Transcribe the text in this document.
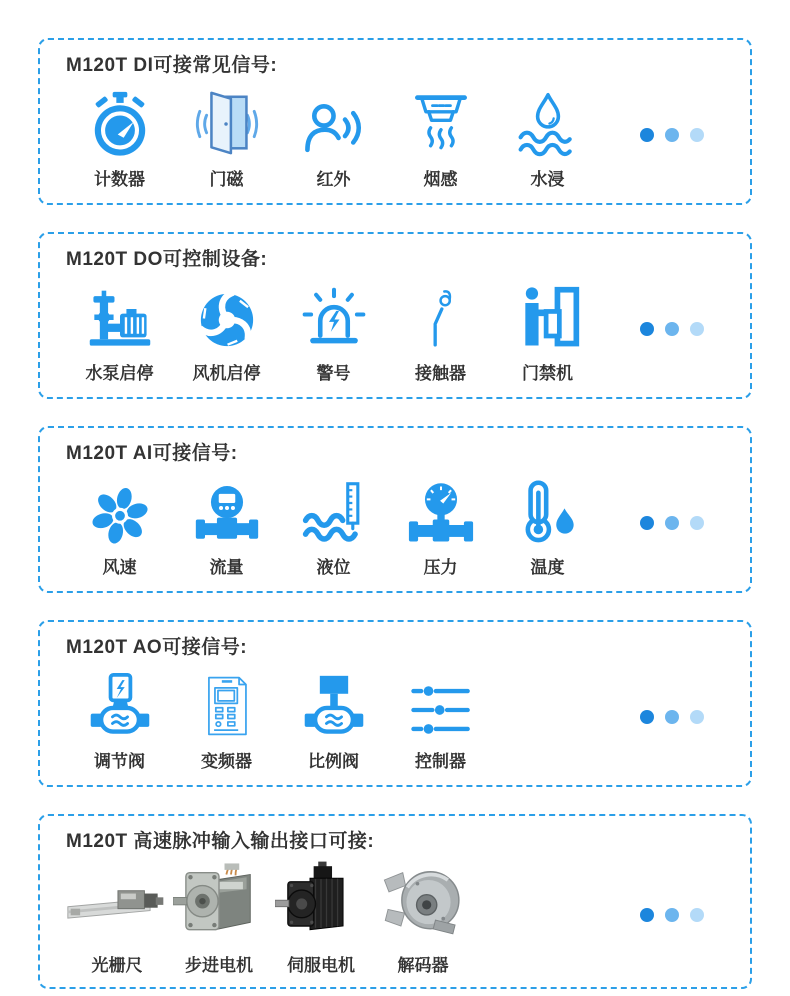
M120T DI可接常见信号:
计数器	门磁	红外	烟感	水浸
M120T DO可控制设备:
水泵启停 风机启停	警号	接触器	门禁机
M120T AI可接信号:
风速	流量	液位	压力	温度
M120T AO可接信号:
调节阀	变频器	比例阀	控制器
M120T 高速脉冲输入输出接口可接:
光栅尺	步进电机 伺服电机	解码器
